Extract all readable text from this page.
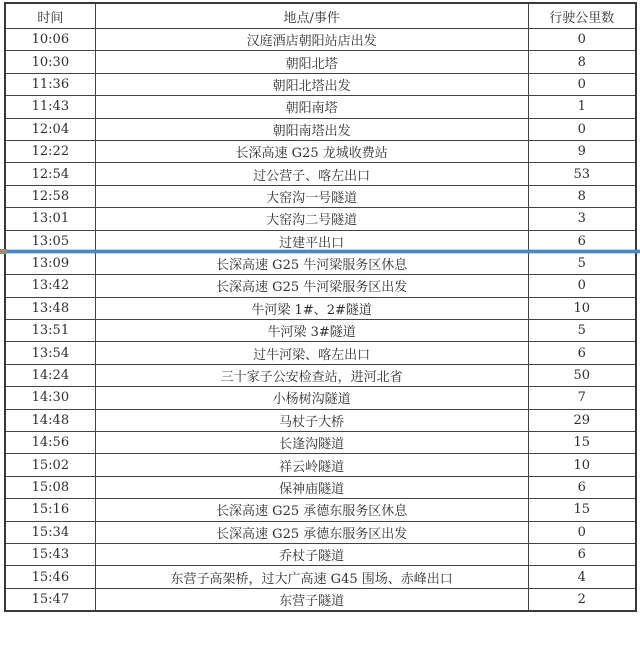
时间	地点/事件	行驶公里数
10:06	汉庭酒店朝阳站店出发	0
10:30	朝阳北塔	8
11:36	朝阳北塔出发	0
11:43	朝阳南塔	1
12:04	朝阳南塔出发	0
12:22	长深高速 G25 龙城收费站	9
12:54	过公营子、喀左出口	53
12:58	大窑沟一号隧道	8
13:01	大窑沟二号隧道	3
13:05	过建平出口	6
13:09	长深高速 G25 牛河梁服务区休息	5
13:42	长深高速 G25 牛河梁服务区出发	0
13:48	牛河梁 1#、2#隧道	10
13:51	牛河梁 3#隧道	5
13:54	过牛河梁、喀左出口	6
14:24	三十家子公安检查站，进河北省	50
14:30	小杨树沟隧道	7
14:48	马杖子大桥	29
14:56	长逢沟隧道	15
15:02	祥云岭隧道	10
15:08	保神庙隧道	6
15:16	长深高速 G25 承德东服务区休息	15
15:34	长深高速 G25 承德东服务区出发	0
15:43	乔杖子隧道	6
15:46	东营子高架桥，过大广高速 G45 围场、赤峰出口	4
15:47	东营子隧道	2
